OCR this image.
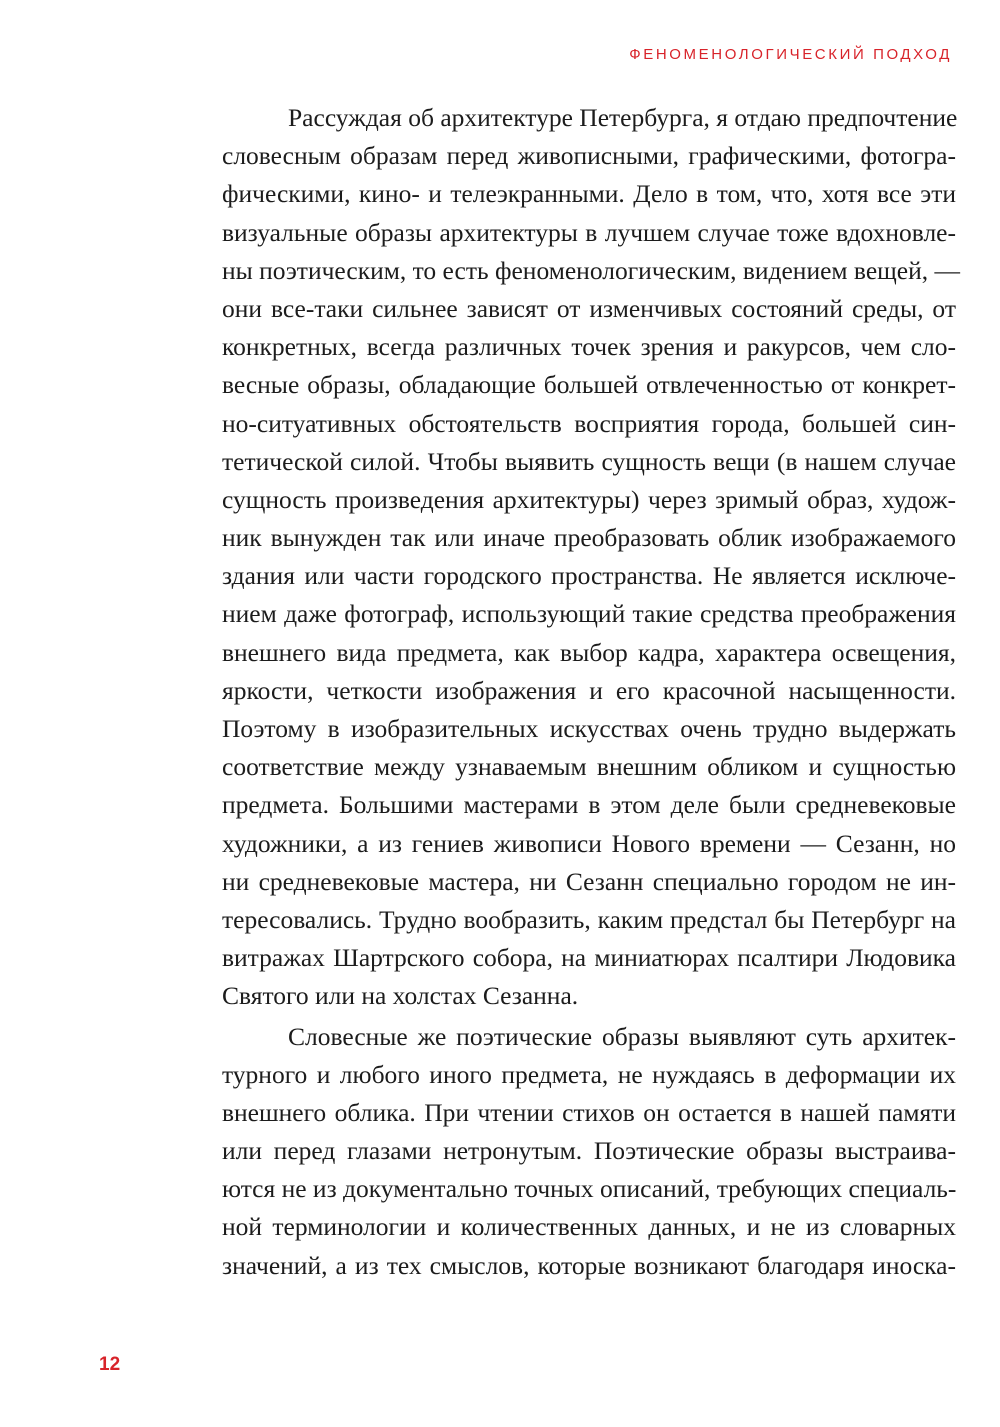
ФЕНОМЕНОЛОГИЧЕСКИЙ ПОДХОД
Рассуждая об архитектуре Петербурга, я отдаю предпочтение
словесным образам перед живописными, графическими, фотогра-
фическими, кино- и телеэкранными. Дело в том, что, хотя все эти
визуальные образы архитектуры в лучшем случае тоже вдохновле-
ны поэтическим, то есть феноменологическим, видением вещей, —
они все-таки сильнее зависят от изменчивых состояний среды, от
конкретных, всегда различных точек зрения и ракурсов, чем сло-
весные образы, обладающие большей отвлеченностью от конкрет-
но-ситуативных обстоятельств восприятия города, большей син-
тетической силой. Чтобы выявить сущность вещи (в нашем случае
сущность произведения архитектуры) через зримый образ, худож-
ник вынужден так или иначе преобразовать облик изображаемого
здания или части городского пространства. Не является исключе-
нием даже фотограф, использующий такие средства преображения
внешнего вида предмета, как выбор кадра, характера освещения,
яркости, четкости изображения и его красочной насыщенности.
Поэтому в изобразительных искусствах очень трудно выдержать
соответствие между узнаваемым внешним обликом и сущностью
предмета. Большими мастерами в этом деле были средневековые
художники, а из гениев живописи Нового времени — Сезанн, но
ни средневековые мастера, ни Сезанн специально городом не ин-
тересовались. Трудно вообразить, каким предстал бы Петербург на
витражах Шартрского собора, на миниатюрах псалтири Людовика
Святого или на холстах Сезанна.
Словесные же поэтические образы выявляют суть архитек-
турного и любого иного предмета, не нуждаясь в деформации их
внешнего облика. При чтении стихов он остается в нашей памяти
или перед глазами нетронутым. Поэтические образы выстраива-
ются не из документально точных описаний, требующих специаль-
ной терминологии и количественных данных, и не из словарных
значений, а из тех смыслов, которые возникают благодаря иноска-
12
